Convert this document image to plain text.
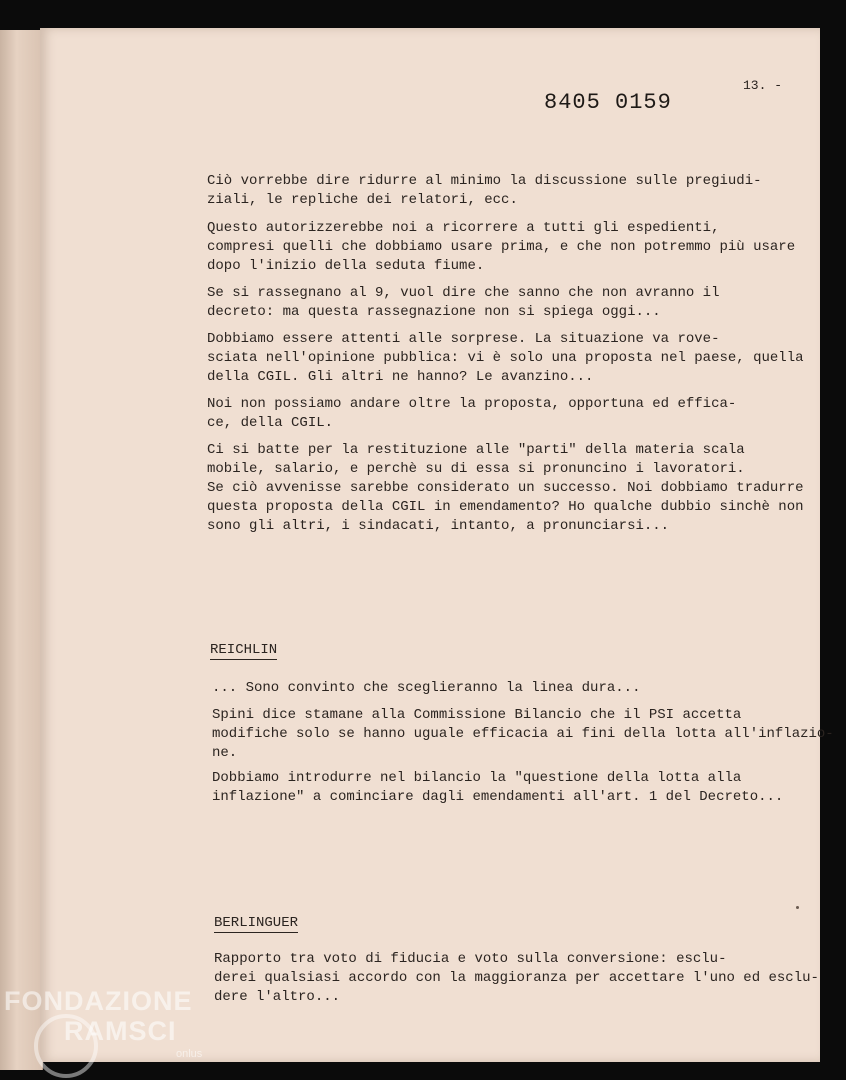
8405 0159
13. -
Ciò vorrebbe dire ridurre al minimo la discussione sulle pregiudi-
ziali, le repliche dei relatori, ecc.
Questo autorizzerebbe noi a ricorrere a tutti gli espedienti,
compresi quelli che dobbiamo usare prima, e che non potremmo più usare
dopo l'inizio della seduta fiume.
Se si rassegnano al 9, vuol dire che sanno che non avranno il
decreto: ma questa rassegnazione non si spiega oggi...
Dobbiamo essere attenti alle sorprese. La situazione va rove-
sciata nell'opinione pubblica: vi è solo una proposta nel paese, quella
della CGIL. Gli altri ne hanno? Le avanzino...
Noi non possiamo andare oltre la proposta, opportuna ed effica-
ce, della CGIL.
Ci si batte per la restituzione alle "parti" della materia scala
mobile, salario, e perchè su di essa si pronuncino i lavoratori.
Se ciò avvenisse sarebbe considerato un successo. Noi dobbiamo tradurre
questa proposta della CGIL in emendamento? Ho qualche dubbio sinchè non
sono gli altri, i sindacati, intanto, a pronunciarsi...
REICHLIN
... Sono convinto che sceglieranno la linea dura...
Spini dice stamane alla Commissione Bilancio che il PSI accetta
modifiche solo se hanno uguale efficacia ai fini della lotta all'inflazio-
ne.
Dobbiamo introdurre nel bilancio la "questione della lotta alla
inflazione" a cominciare dagli emendamenti all'art. 1 del Decreto...
BERLINGUER
Rapporto tra voto di fiducia e voto sulla conversione: esclu-
derei qualsiasi accordo con la maggioranza per accettare l'uno ed esclu-
dere l'altro...
FONDAZIONE
RAMSCI
onlus
